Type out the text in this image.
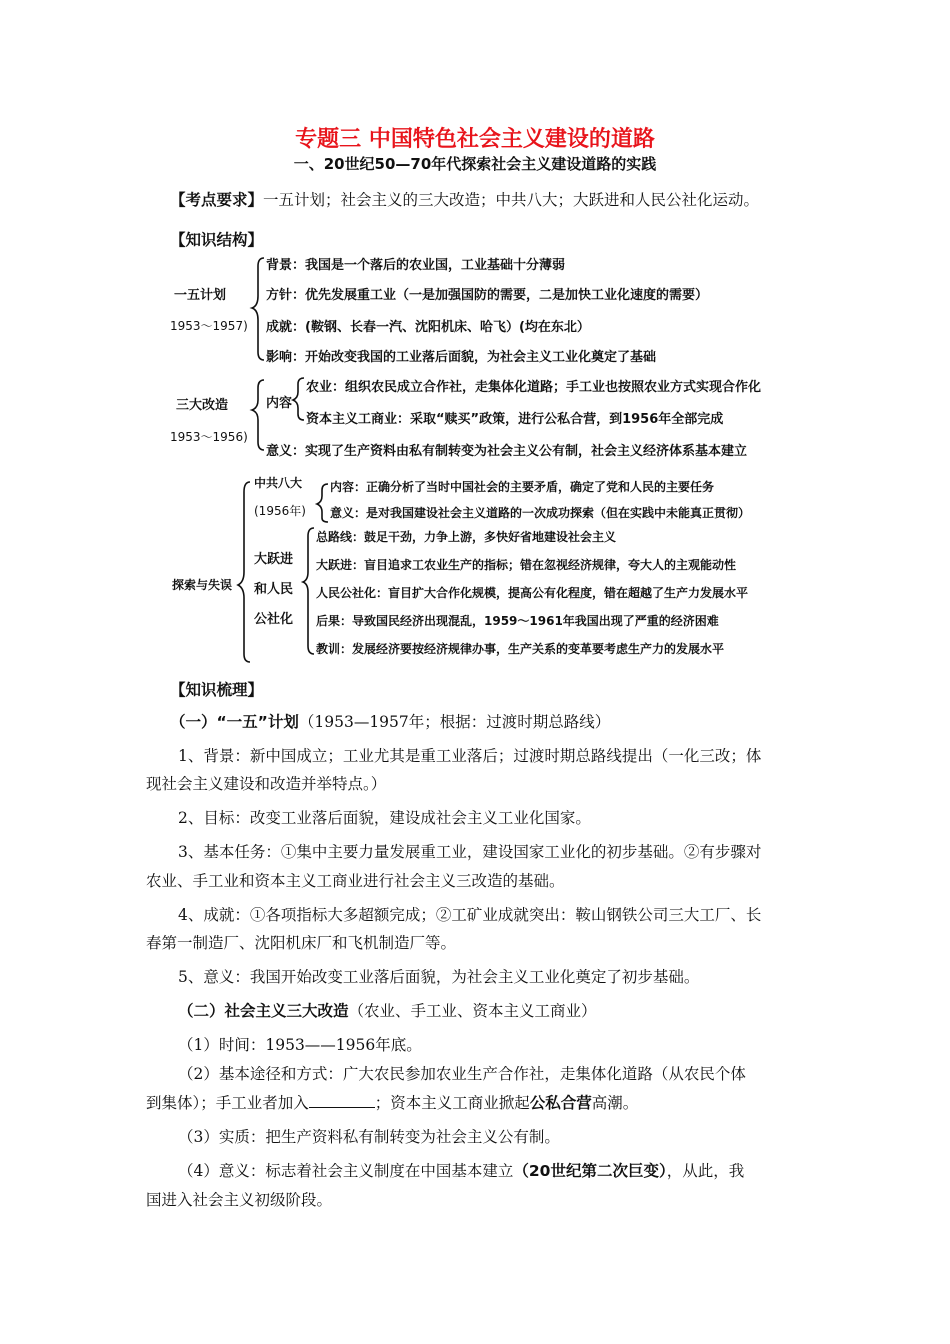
专题三 中国特色社会主义建设的道路
一、20世纪50—70年代探索社会主义建设道路的实践
【考点要求】一五计划；社会主义的三大改造；中共八大；大跃进和人民公社化运动。
【知识结构】
一五计划
1953～1957)
背景：我国是一个落后的农业国，工业基础十分薄弱
方针：优先发展重工业（一是加强国防的需要，二是加快工业化速度的需要）
成就：(鞍钢、长春一汽、沈阳机床、哈飞）(均在东北）
影响：开始改变我国的工业落后面貌，为社会主义工业化奠定了基础
三大改造
1953～1956)
内容
农业：组织农民成立合作社，走集体化道路；手工业也按照农业方式实现合作化
资本主义工商业：采取“赎买”政策，进行公私合营，到1956年全部完成
意义：实现了生产资料由私有制转变为社会主义公有制，社会主义经济体系基本建立
探索与失误
中共八大
(1956年)
内容：正确分析了当时中国社会的主要矛盾，确定了党和人民的主要任务
意义：是对我国建设社会主义道路的一次成功探索（但在实践中未能真正贯彻）
大跃进
和人民
公社化
总路线：鼓足干劲，力争上游，多快好省地建设社会主义
大跃进：盲目追求工农业生产的指标；错在忽视经济规律，夸大人的主观能动性
人民公社化：盲目扩大合作化规模，提高公有化程度，错在超越了生产力发展水平
后果：导致国民经济出现混乱，1959～1961年我国出现了严重的经济困难
教训：发展经济要按经济规律办事，生产关系的变革要考虑生产力的发展水平
【知识梳理】
（一）“一五”计划（1953—1957年；根据：过渡时期总路线）
1、背景：新中国成立；工业尤其是重工业落后；过渡时期总路线提出（一化三改；体
现社会主义建设和改造并举特点。）
2、目标：改变工业落后面貌，建设成社会主义工业化国家。
3、基本任务：①集中主要力量发展重工业，建设国家工业化的初步基础。②有步骤对
农业、手工业和资本主义工商业进行社会主义三改造的基础。
4、成就：①各项指标大多超额完成；②工矿业成就突出：鞍山钢铁公司三大工厂、长
春第一制造厂、沈阳机床厂和飞机制造厂等。
5、意义：我国开始改变工业落后面貌，为社会主义工业化奠定了初步基础。
（二）社会主义三大改造（农业、手工业、资本主义工商业）
（1）时间：1953——1956年底。
（2）基本途径和方式：广大农民参加农业生产合作社，走集体化道路（从农民个体
到集体）；手工业者加入	；资本主义工商业掀起公私合营高潮。
（3）实质：把生产资料私有制转变为社会主义公有制。
（4）意义：标志着社会主义制度在中国基本建立（20世纪第二次巨变），从此，我
国进入社会主义初级阶段。
